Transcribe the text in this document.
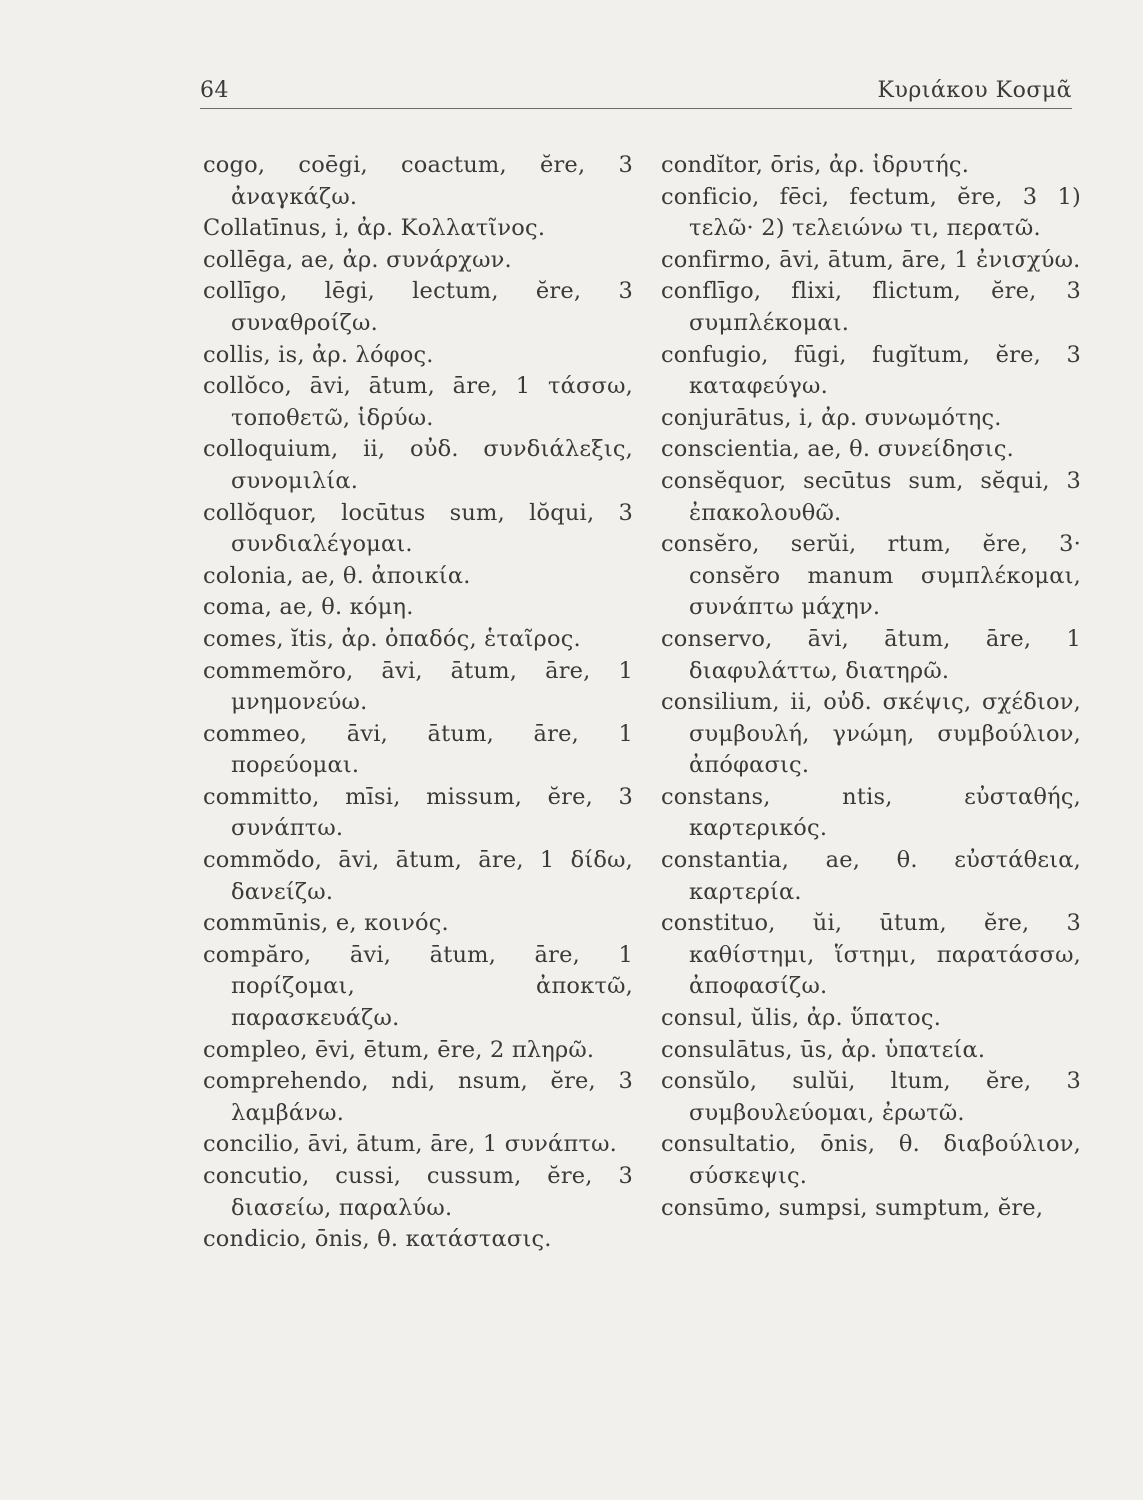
64	Κυριάκου Κοσμᾶ
cogo, coēgi, coactum, ĕre, 3 ἀναγκάζω.
Collatīnus, i, ἀρ. Κολλατῖνος.
collēga, ae, ἀρ. συνάρχων.
collīgo, lēgi, lectum, ĕre, 3 συναθροίζω.
collis, is, ἀρ. λόφος.
collŏco, āvi, ātum, āre, 1 τάσσω, τοποθετῶ, ἱδρύω.
colloquium, ii, οὐδ. συνδιάλεξις, συνομιλία.
collŏquor, locūtus sum, lŏqui, 3 συνδιαλέγομαι.
colonia, ae, θ. ἀποικία.
coma, ae, θ. κόμη.
comes, ĭtis, ἀρ. ὀπαδός, ἑταῖρος.
commemŏro, āvi, ātum, āre, 1 μνημονεύω.
commeo, āvi, ātum, āre, 1 πορεύομαι.
committo, mīsi, missum, ĕre, 3 συνάπτω.
commŏdo, āvi, ātum, āre, 1 δίδω, δανείζω.
commūnis, e, κοινός.
compăro, āvi, ātum, āre, 1 πορίζομαι, ἀποκτῶ, παρασκευάζω.
compleo, ēvi, ētum, ēre, 2 πληρῶ.
comprehendo, ndi, nsum, ĕre, 3 λαμβάνω.
concilio, āvi, ātum, āre, 1 συνάπτω.
concutio, cussi, cussum, ĕre, 3 διασείω, παραλύω.
condicio, ōnis, θ. κατάστασις.
condĭtor, ōris, ἀρ. ἱδρυτής.
conficio, fēci, fectum, ĕre, 3 1) τελῶ· 2) τελειώνω τι, περατῶ.
confirmo, āvi, ātum, āre, 1 ἐνισχύω.
conflīgo, flixi, flictum, ĕre, 3 συμπλέκομαι.
confugio, fūgi, fugĭtum, ĕre, 3 καταφεύγω.
conjurātus, i, ἀρ. συνωμότης.
conscientia, ae, θ. συνείδησις.
consĕquor, secūtus sum, sĕqui, 3 ἐπακολουθῶ.
consĕro, serŭi, rtum, ĕre, 3· consĕro manum συμπλέκομαι, συνάπτω μάχην.
conservo, āvi, ātum, āre, 1 διαφυλάττω, διατηρῶ.
consilium, ii, οὐδ. σκέψις, σχέδιον, συμβουλή, γνώμη, συμβούλιον, ἀπόφασις.
constans, ntis, εὐσταθής, καρτερικός.
constantia, ae, θ. εὐστάθεια, καρτερία.
constituo, ŭi, ūtum, ĕre, 3 καθίστημι, ἵστημι, παρατάσσω, ἀποφασίζω.
consul, ŭlis, ἀρ. ὕπατος.
consulātus, ūs, ἀρ. ὑπατεία.
consŭlo, sulŭi, ltum, ĕre, 3 συμβουλεύομαι, ἐρωτῶ.
consultatio, ōnis, θ. διαβούλιον, σύσκεψις.
consūmo, sumpsi, sumptum, ĕre,
